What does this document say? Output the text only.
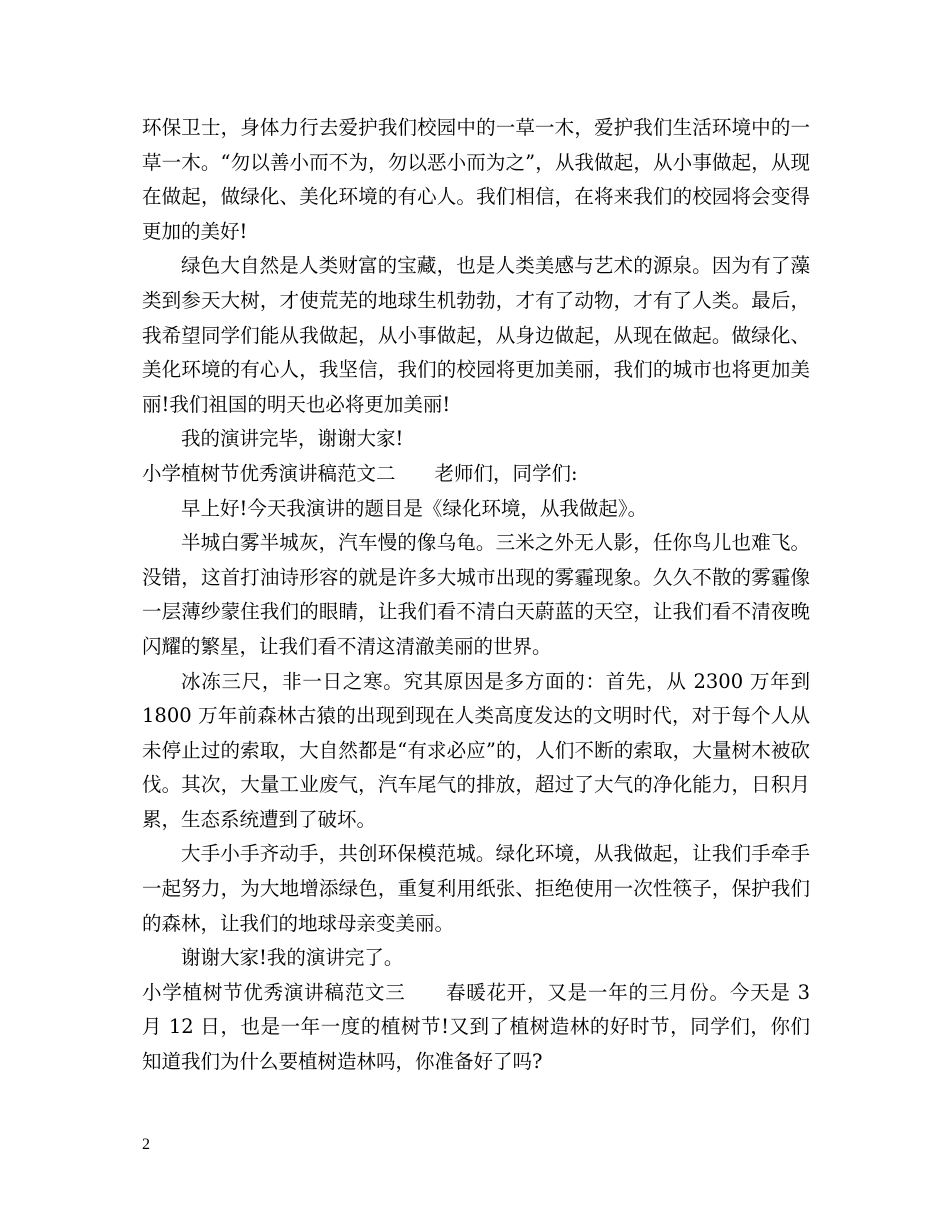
环保卫士，身体力行去爱护我们校园中的一草一木，爱护我们生活环境中的一草一木。“勿以善小而不为，勿以恶小而为之”，从我做起，从小事做起，从现在做起，做绿化、美化环境的有心人。我们相信，在将来我们的校园将会变得更加的美好!

绿色大自然是人类财富的宝藏，也是人类美感与艺术的源泉。因为有了藻类到参天大树，才使荒芜的地球生机勃勃，才有了动物，才有了人类。最后，我希望同学们能从我做起，从小事做起，从身边做起，从现在做起。做绿化、美化环境的有心人，我坚信，我们的校园将更加美丽，我们的城市也将更加美丽!我们祖国的明天也必将更加美丽!

我的演讲完毕，谢谢大家!

小学植树节优秀演讲稿范文二　　老师们，同学们:

早上好!今天我演讲的题目是《绿化环境，从我做起》。

半城白雾半城灰，汽车慢的像乌龟。三米之外无人影，任你鸟儿也难飞。没错，这首打油诗形容的就是许多大城市出现的雾霾现象。久久不散的雾霾像一层薄纱蒙住我们的眼睛，让我们看不清白天蔚蓝的天空，让我们看不清夜晚闪耀的繁星，让我们看不清这清澈美丽的世界。

冰冻三尺，非一日之寒。究其原因是多方面的：首先，从 2300 万年到 1800 万年前森林古猿的出现到现在人类高度发达的文明时代，对于每个人从未停止过的索取，大自然都是“有求必应”的，人们不断的索取，大量树木被砍伐。其次，大量工业废气，汽车尾气的排放，超过了大气的净化能力，日积月累，生态系统遭到了破坏。

大手小手齐动手，共创环保模范城。绿化环境，从我做起，让我们手牵手一起努力，为大地增添绿色，重复利用纸张、拒绝使用一次性筷子，保护我们的森林，让我们的地球母亲变美丽。

谢谢大家!我的演讲完了。

小学植树节优秀演讲稿范文三　　春暖花开，又是一年的三月份。今天是 3 月 12 日，也是一年一度的植树节!又到了植树造林的好时节，同学们，你们知道我们为什么要植树造林吗，你准备好了吗?

2
